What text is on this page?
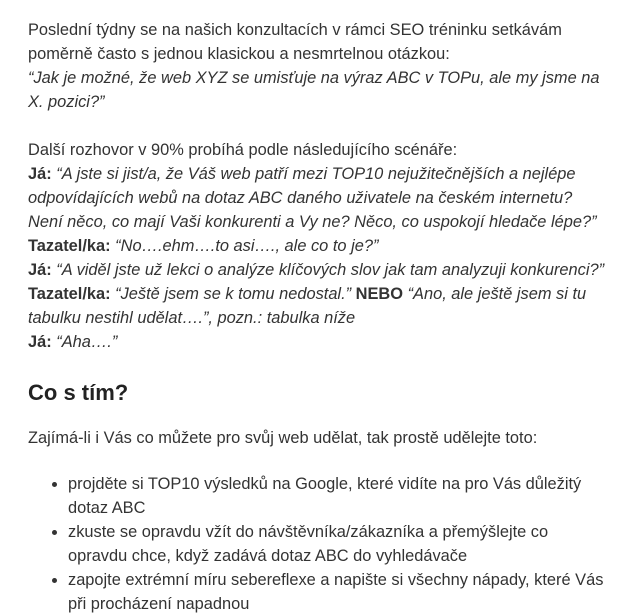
Poslední týdny se na našich konzultacích v rámci SEO tréninku setkávám poměrně často s jednou klasickou a nesmrtelnou otázkou:
“Jak je možné, že web XYZ se umisťuje na výraz ABC v TOPu, ale my jsme na X. pozici?”

Další rozhovor v 90% probíhá podle následujícího scénáře:
Já: “A jste si jist/a, že Váš web patří mezi TOP10 nejužitečnějších a nejlépe odpovídajících webů na dotaz ABC daného uživatele na českém internetu? Není něco, co mají Vaši konkurenti a Vy ne? Něco, co uspokojí hledače lépe?”
Tazatel/ka: “No….ehm….to asi…., ale co to je?”
Já: “A viděl jste už lekci o analýze klíčových slov jak tam analyzuji konkurenci?”
Tazatel/ka: “Ještě jsem se k tomu nedostal.” NEBO “Ano, ale ještě jsem si tu tabulku nestihl udělat….”, pozn.: tabulka níže
Já: “Aha….”

Co s tím?

Zajímá-li i Vás co můžete pro svůj web udělat, tak prostě udělejte toto:

• projděte si TOP10 výsledků na Google, které vidíte na pro Vás důležitý dotaz ABC
• zkuste se opravdu vžít do návštěvníka/zákazníka a přemýšlejte co opravdu chce, když zadává dotaz ABC do vyhledávače
• zapojte extrémní míru sebereflexe a napište si všechny nápady, které Vás při procházení napadnou
